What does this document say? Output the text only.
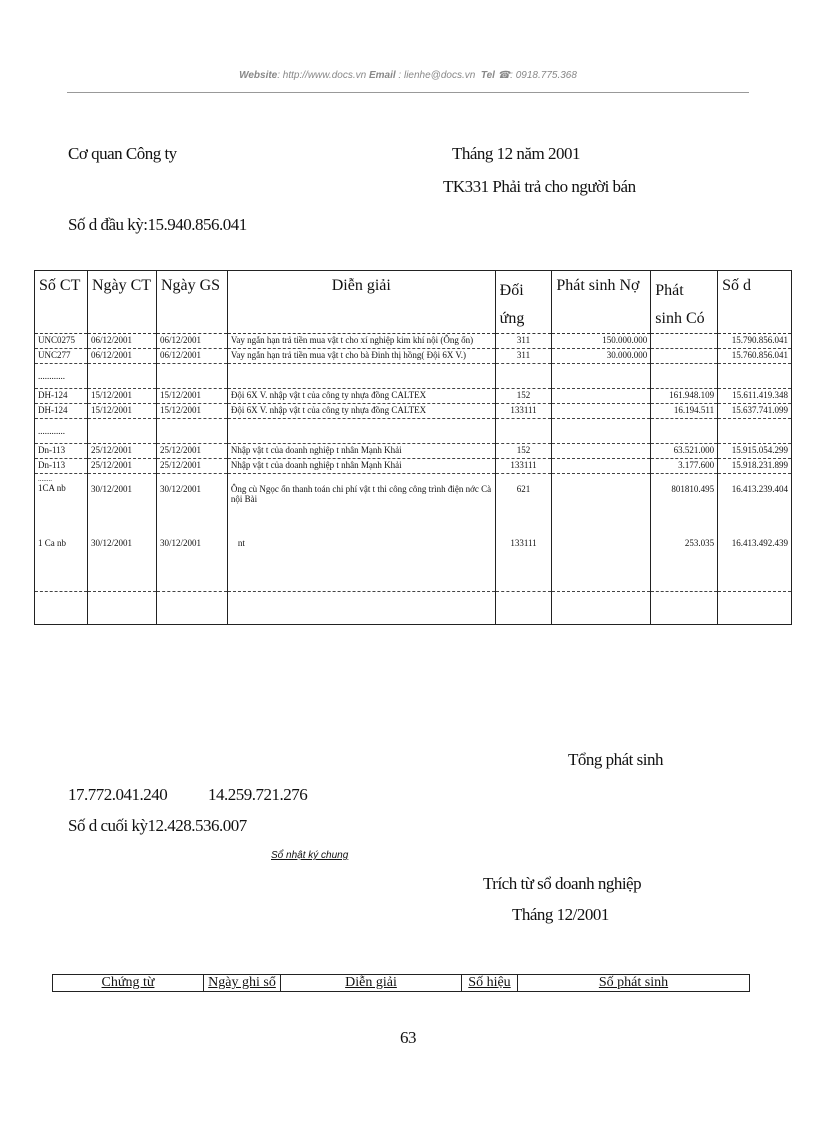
Website: http://www.docs.vn Email : lienhe@docs.vn Tel ☎: 0918.775.368
Cơ quan Công ty	Tháng 12 năm 2001
TK331 Phải trả cho người bán
Số d đầu kỳ:15.940.856.041
Số CT	Ngày CT	Ngày GS	Diễn giải	Đối ứng	Phát sinh Nợ	Phát sinh Có	Số d
UNC0275	06/12/2001	06/12/2001	Vay ngắn hạn trả tiền mua vật t cho xí nghiệp kim khí nội (Ông ổn)	311	150.000.000		15.790.856.041
UNC277	06/12/2001	06/12/2001	Vay ngắn hạn trả tiền mua vật t cho bà Đinh thị hồng( Đội 6X V.)	311	30.000.000		15.760.856.041
............							
DH-124	15/12/2001	15/12/2001	Đội 6X V. nhập vật t của công ty nhựa đồng CALTEX	152		161.948.109	15.611.419.348
DH-124	15/12/2001	15/12/2001	Đội 6X V. nhập vật t của công ty nhựa đồng CALTEX	133111		16.194.511	15.637.741.099
............							
Dn-113	25/12/2001	25/12/2001	Nhập vật t của doanh nghiệp t nhân Mạnh Khải	152		63.521.000	15.915.054.299
Dn-113	25/12/2001	25/12/2001	Nhập vật t của doanh nghiệp t nhân Mạnh Khải	133111		3.177.600	15.918.231.899

........
1CA nb	30/12/2001	30/12/2001	Ông cù Ngọc ổn thanh toán chi phí vật t thi công công trình điện nớc Cà nội Bài	621		801810.495	16.413.239.404
1 Ca nb	30/12/2001	30/12/2001	nt	133111		253.035	16.413.492.439

Tổng phát sinh
17.772.041.240 14.259.721.276
Số d cuối kỳ12.428.536.007
Sổ nhật ký chung
Trích từ sổ doanh nghiệp
Tháng 12/2001
Chứng từ	Ngày ghi sổ	Diễn giải	Số hiệu	Số phát sinh
63
